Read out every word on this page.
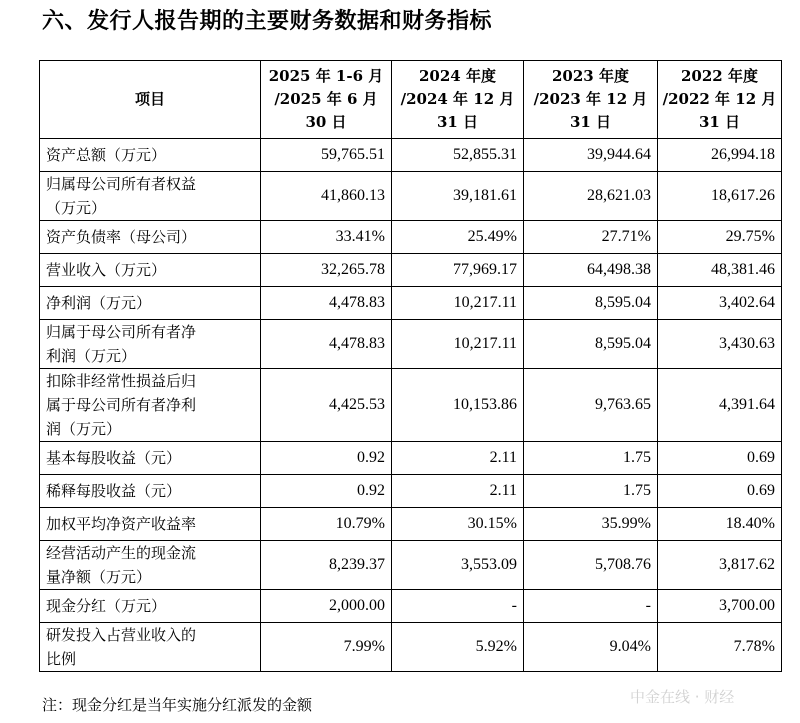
六、发行人报告期的主要财务数据和财务指标
项目	2025 年 1-6 月
/2025 年 6 月
30 日	2024 年度
/2024 年 12 月
31 日	2023 年度
/2023 年 12 月
31 日	2022 年度
/2022 年 12 月
31 日

资产总额（万元）	59,765.51	52,855.31	39,944.64	26,994.18

归属母公司所有者权益
（万元）	41,860.13	39,181.61	28,621.03	18,617.26

资产负债率（母公司）	33.41%	25.49%	27.71%	29.75%

营业收入（万元）	32,265.78	77,969.17	64,498.38	48,381.46

净利润（万元）	4,478.83	10,217.11	8,595.04	3,402.64

归属于母公司所有者净
利润（万元）	4,478.83	10,217.11	8,595.04	3,430.63

扣除非经常性损益后归
属于母公司所有者净利
润（万元）	4,425.53	10,153.86	9,763.65	4,391.64

基本每股收益（元）	0.92	2.11	1.75	0.69

稀释每股收益（元）	0.92	2.11	1.75	0.69

加权平均净资产收益率	10.79%	30.15%	35.99%	18.40%

经营活动产生的现金流
量净额（万元）	8,239.37	3,553.09	5,708.76	3,817.62

现金分红（万元）	2,000.00	-	-	3,700.00

研发投入占营业收入的
比例	7.99%	5.92%	9.04%	7.78%
注：现金分红是当年实施分红派发的金额	中金在线 · 财经
